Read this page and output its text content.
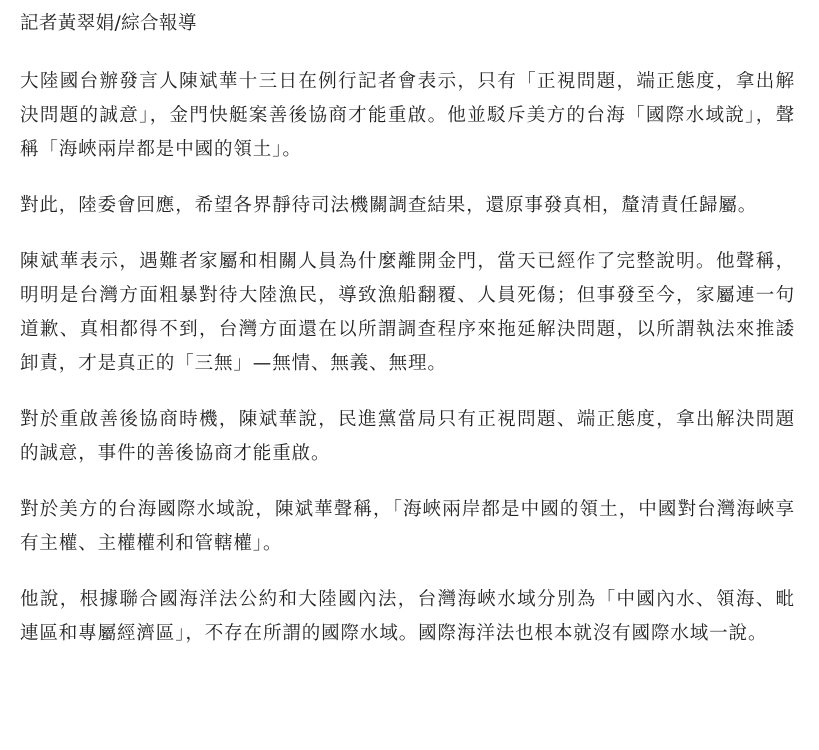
記者黃翠娟/綜合報導

大陸國台辦發言人陳斌華十三日在例行記者會表示，只有「正視問題，端正態度，拿出解決問題的誠意」，金門快艇案善後協商才能重啟。他並駁斥美方的台海「國際水域說」，聲稱「海峽兩岸都是中國的領土」。

對此，陸委會回應，希望各界靜待司法機關調查結果，還原事發真相，釐清責任歸屬。

陳斌華表示，遇難者家屬和相關人員為什麼離開金門，當天已經作了完整說明。他聲稱，明明是台灣方面粗暴對待大陸漁民，導致漁船翻覆、人員死傷；但事發至今，家屬連一句道歉、真相都得不到，台灣方面還在以所謂調查程序來拖延解決問題，以所謂執法來推諉卸責，才是真正的「三無」—無情、無義、無理。

對於重啟善後協商時機，陳斌華說，民進黨當局只有正視問題、端正態度，拿出解決問題的誠意，事件的善後協商才能重啟。

對於美方的台海國際水域說，陳斌華聲稱，「海峽兩岸都是中國的領土，中國對台灣海峽享有主權、主權權利和管轄權」。

他說，根據聯合國海洋法公約和大陸國內法，台灣海峽水域分別為「中國內水、領海、毗連區和專屬經濟區」，不存在所謂的國際水域。國際海洋法也根本就沒有國際水域一說。
